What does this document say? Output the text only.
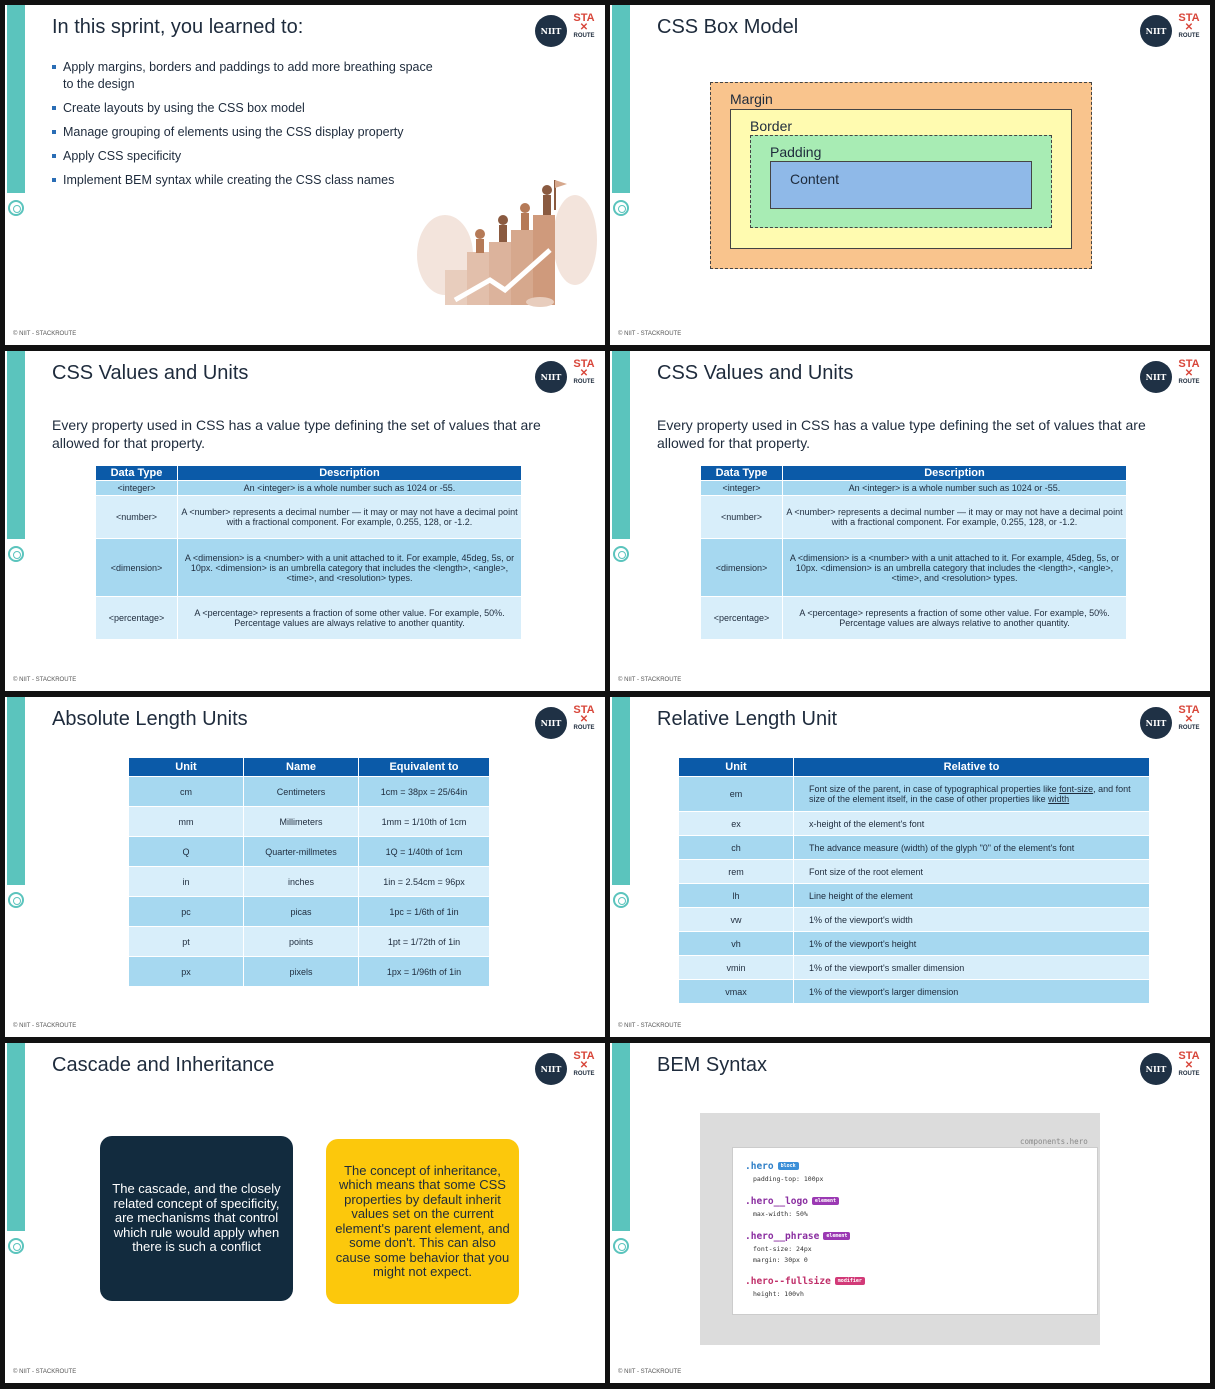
In this sprint, you learned to:	NIIT
STA
✕
ROUTE
Apply margins, borders and paddings to add more breathing space to the design
Create layouts by using the CSS box model
Manage grouping of elements using the CSS display property
Apply CSS specificity
Implement BEM syntax while creating the CSS class names
© NIIT - STACKROUTE
CSS Box Model	NIIT
STA
✕
ROUTE
Margin
Border
Padding
Content
© NIIT - STACKROUTE
CSS Values and Units	NIIT
STA
✕
ROUTE
Every property used in CSS has a value type defining the set of values that are allowed for that property.
Data Type	Description
<integer>	An <integer> is a whole number such as 1024 or -55.
<number>	A <number> represents a decimal number — it may or may not have a decimal point with a fractional component. For example, 0.255, 128, or -1.2.
<dimension>	A <dimension> is a <number> with a unit attached to it. For example, 45deg, 5s, or 10px. <dimension> is an umbrella category that includes the <length>, <angle>, <time>, and <resolution> types.
<percentage>	A <percentage> represents a fraction of some other value. For example, 50%. Percentage values are always relative to another quantity.
© NIIT - STACKROUTE
CSS Values and Units	NIIT
STA
✕
ROUTE
Every property used in CSS has a value type defining the set of values that are allowed for that property.
Data Type	Description
<integer>	An <integer> is a whole number such as 1024 or -55.
<number>	A <number> represents a decimal number — it may or may not have a decimal point with a fractional component. For example, 0.255, 128, or -1.2.
<dimension>	A <dimension> is a <number> with a unit attached to it. For example, 45deg, 5s, or 10px. <dimension> is an umbrella category that includes the <length>, <angle>, <time>, and <resolution> types.
<percentage>	A <percentage> represents a fraction of some other value. For example, 50%. Percentage values are always relative to another quantity.
© NIIT - STACKROUTE
Absolute Length Units	NIIT
STA
✕
ROUTE
Unit	Name	Equivalent to
cm	Centimeters	1cm = 38px = 25/64in
mm	Millimeters	1mm = 1/10th of 1cm
Q	Quarter-millmetes	1Q = 1/40th of 1cm
in	inches	1in = 2.54cm = 96px
pc	picas	1pc = 1/6th of 1in
pt	points	1pt = 1/72th of 1in
px	pixels	1px = 1/96th of 1in
© NIIT - STACKROUTE
Relative Length Unit	NIIT
STA
✕
ROUTE
Unit	Relative to
em	Font size of the parent, in case of typographical properties like font-size, and font size of the element itself, in the case of other properties like width
ex	x-height of the element's font
ch	The advance measure (width) of the glyph "0" of the element's font
rem	Font size of the root element
lh	Line height of the element
vw	1% of the viewport's width
vh	1% of the viewport's height
vmin	1% of the viewport's smaller dimension
vmax	1% of the viewport's larger dimension
© NIIT - STACKROUTE
Cascade and Inheritance	NIIT
STA
✕
ROUTE
The cascade, and the closely related concept of specificity, are mechanisms that control which rule would apply when there is such a conflict
The concept of inheritance, which means that some CSS properties by default inherit values set on the current element's parent element, and some don't. This can also cause some behavior that you might not expect.
© NIIT - STACKROUTE
BEM Syntax	NIIT
STA
✕
ROUTE
components.hero
.hero block
padding-top: 100px
.hero__logo element
max-width: 50%
.hero__phrase element
font-size: 24px
margin: 30px 0
.hero--fullsize modifier
height: 100vh
© NIIT - STACKROUTE
